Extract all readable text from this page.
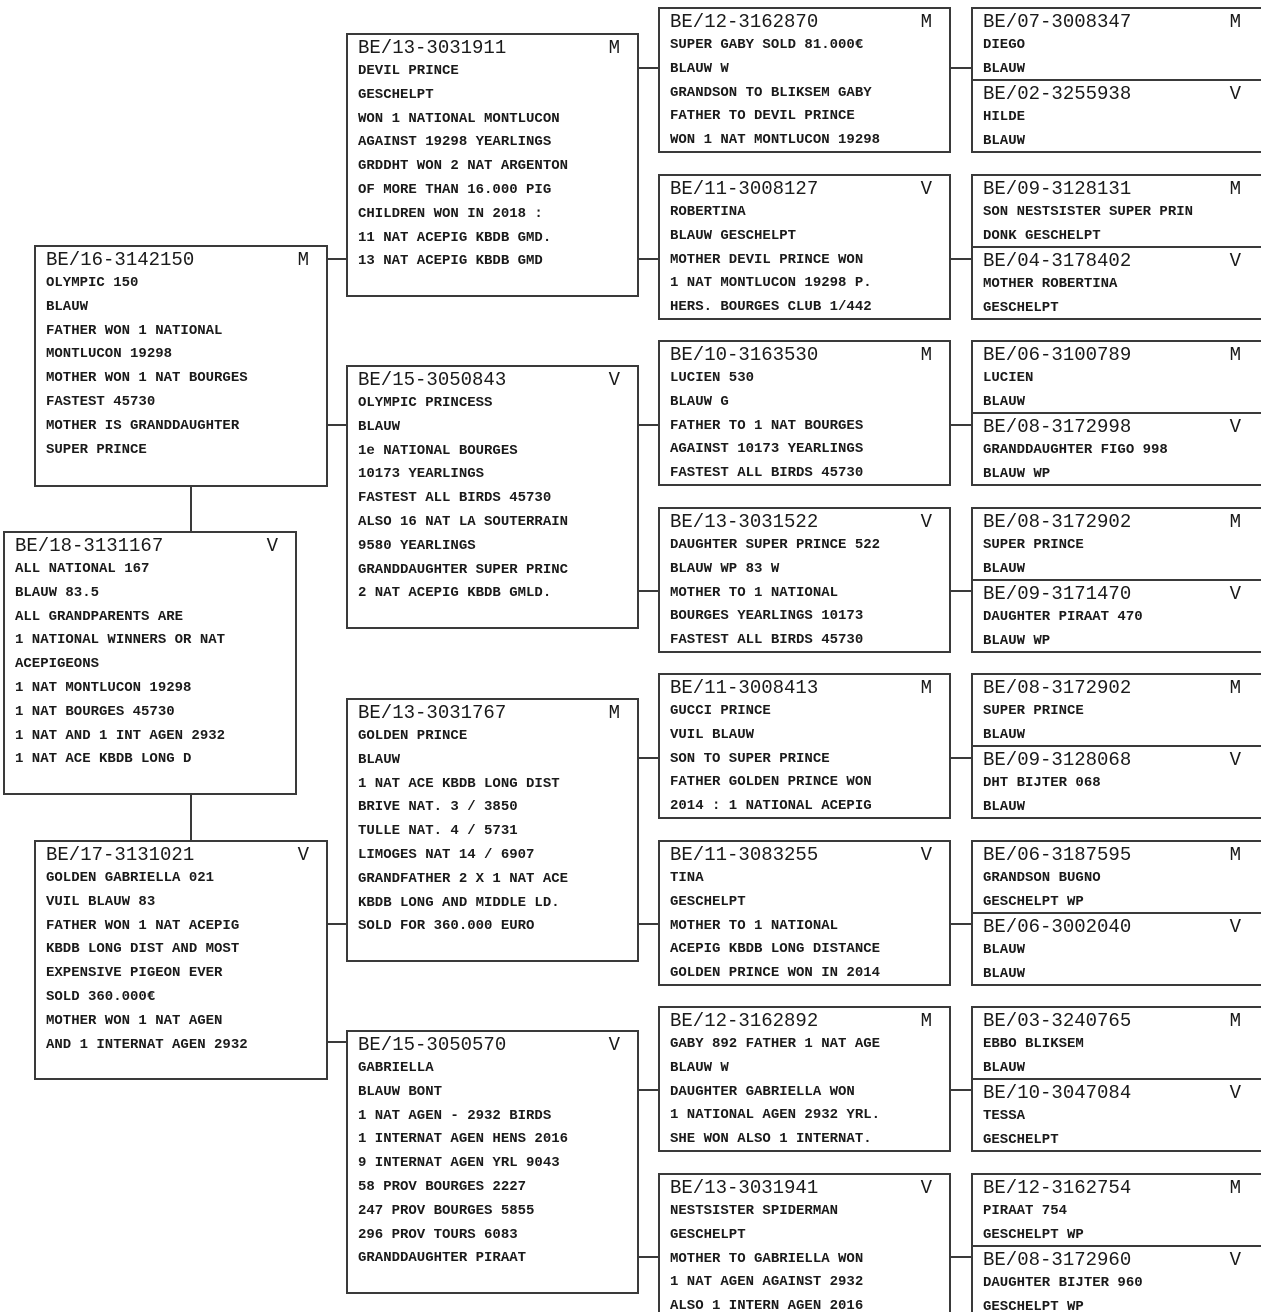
BE/18-3131167	V
ALL NATIONAL 167
BLAUW 83.5
ALL GRANDPARENTS ARE
1 NATIONAL WINNERS OR NAT
ACEPIGEONS
1 NAT MONTLUCON 19298
1 NAT BOURGES 45730
1 NAT AND 1 INT AGEN 2932
1 NAT ACE KBDB LONG D
BE/16-3142150	M
OLYMPIC 150
BLAUW
FATHER WON 1 NATIONAL
MONTLUCON 19298
MOTHER WON 1 NAT BOURGES
FASTEST 45730
MOTHER IS GRANDDAUGHTER
SUPER PRINCE
BE/17-3131021	V
GOLDEN GABRIELLA 021
VUIL BLAUW 83
FATHER WON 1 NAT ACEPIG
KBDB LONG DIST AND MOST
EXPENSIVE PIGEON EVER
SOLD 360.000€
MOTHER WON 1 NAT AGEN
AND 1 INTERNAT AGEN 2932
BE/13-3031911	M
DEVIL PRINCE
GESCHELPT
WON 1 NATIONAL MONTLUCON
AGAINST 19298 YEARLINGS
GRDDHT WON 2 NAT ARGENTON
OF MORE THAN 16.000 PIG
CHILDREN WON IN 2018 :
11 NAT ACEPIG KBDB GMD.
13 NAT ACEPIG KBDB GMD
BE/15-3050843	V
OLYMPIC PRINCESS
BLAUW
1e NATIONAL BOURGES
10173 YEARLINGS
FASTEST ALL BIRDS 45730
ALSO 16 NAT LA SOUTERRAIN
9580 YEARLINGS
GRANDDAUGHTER SUPER PRINC
2 NAT ACEPIG KBDB GMLD.
BE/13-3031767	M
GOLDEN PRINCE
BLAUW
1 NAT ACE KBDB LONG DIST
BRIVE NAT. 3 / 3850
TULLE NAT. 4 / 5731
LIMOGES NAT 14 / 6907
GRANDFATHER 2 X 1 NAT ACE
KBDB LONG AND MIDDLE LD.
SOLD FOR 360.000 EURO
BE/15-3050570	V
GABRIELLA
BLAUW BONT
1 NAT AGEN - 2932 BIRDS
1 INTERNAT AGEN HENS 2016
9 INTERNAT AGEN YRL 9043
58 PROV BOURGES 2227
247 PROV BOURGES 5855
296 PROV TOURS 6083
GRANDDAUGHTER PIRAAT
BE/12-3162870	M
SUPER GABY SOLD 81.000€
BLAUW W
GRANDSON TO BLIKSEM GABY
FATHER TO DEVIL PRINCE
WON 1 NAT MONTLUCON 19298
BE/11-3008127	V
ROBERTINA
BLAUW GESCHELPT
MOTHER DEVIL PRINCE WON
1 NAT MONTLUCON 19298 P.
HERS. BOURGES CLUB 1/442
BE/10-3163530	M
LUCIEN 530
BLAUW G
FATHER TO 1 NAT BOURGES
AGAINST 10173 YEARLINGS
FASTEST ALL BIRDS 45730
BE/13-3031522	V
DAUGHTER SUPER PRINCE 522
BLAUW WP 83 W
MOTHER TO 1 NATIONAL
BOURGES YEARLINGS 10173
FASTEST ALL BIRDS 45730
BE/11-3008413	M
GUCCI PRINCE
VUIL BLAUW
SON TO SUPER PRINCE
FATHER GOLDEN PRINCE WON
2014 : 1 NATIONAL ACEPIG
BE/11-3083255	V
TINA
GESCHELPT
MOTHER TO 1 NATIONAL
ACEPIG KBDB LONG DISTANCE
GOLDEN PRINCE WON IN 2014
BE/12-3162892	M
GABY 892 FATHER 1 NAT AGE
BLAUW W
DAUGHTER GABRIELLA WON
1 NATIONAL AGEN 2932 YRL.
SHE WON ALSO 1 INTERNAT.
BE/13-3031941	V
NESTSISTER SPIDERMAN
GESCHELPT
MOTHER TO GABRIELLA WON
1 NAT AGEN AGAINST 2932
ALSO 1 INTERN AGEN 2016
BE/07-3008347	M
DIEGO
BLAUW
BE/02-3255938	V
HILDE
BLAUW
BE/09-3128131	M
SON NESTSISTER SUPER PRIN
DONK GESCHELPT
BE/04-3178402	V
MOTHER ROBERTINA
GESCHELPT
BE/06-3100789	M
LUCIEN
BLAUW
BE/08-3172998	V
GRANDDAUGHTER FIGO 998
BLAUW WP
BE/08-3172902	M
SUPER PRINCE
BLAUW
BE/09-3171470	V
DAUGHTER PIRAAT 470
BLAUW WP
BE/08-3172902	M
SUPER PRINCE
BLAUW
BE/09-3128068	V
DHT BIJTER 068
BLAUW
BE/06-3187595	M
GRANDSON BUGNO
GESCHELPT WP
BE/06-3002040	V
BLAUW
BLAUW
BE/03-3240765	M
EBBO BLIKSEM
BLAUW
BE/10-3047084	V
TESSA
GESCHELPT
BE/12-3162754	M
PIRAAT 754
GESCHELPT WP
BE/08-3172960	V
DAUGHTER BIJTER 960
GESCHELPT WP
